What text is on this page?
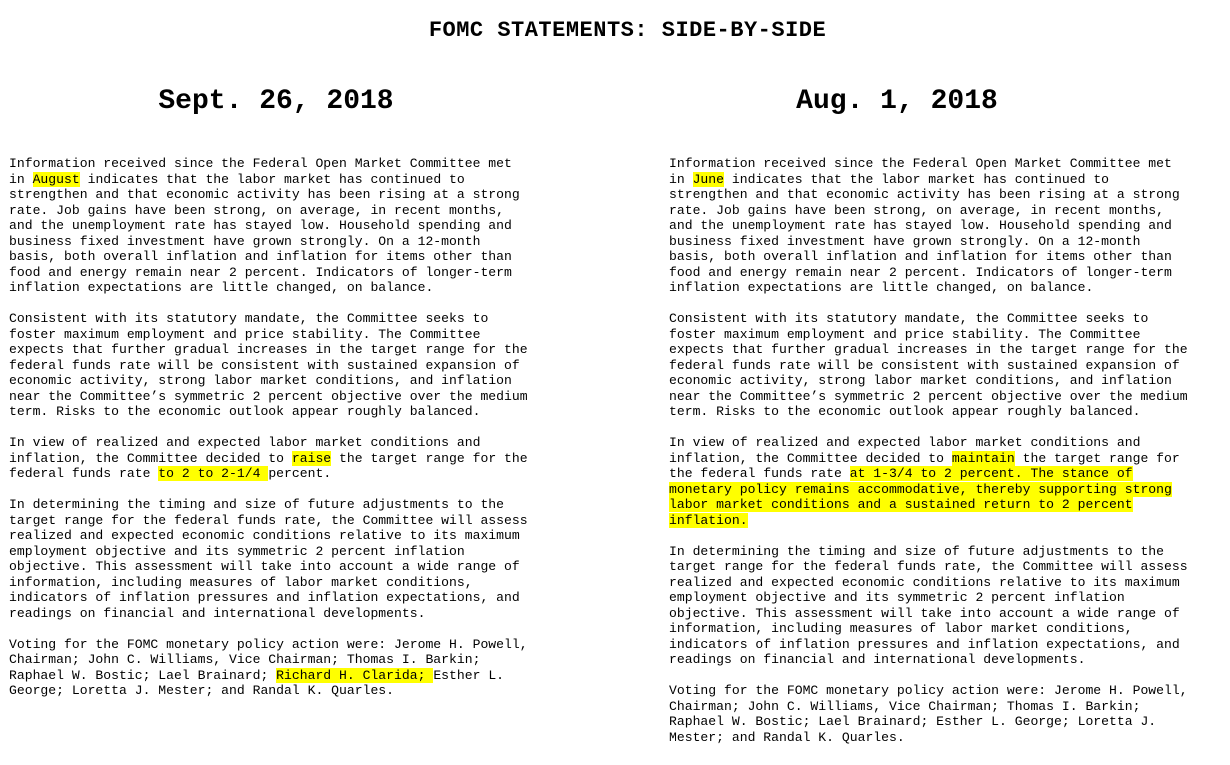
FOMC STATEMENTS: SIDE-BY-SIDE
Sept. 26, 2018

Information received since the Federal Open Market Committee met
in August indicates that the labor market has continued to
strengthen and that economic activity has been rising at a strong
rate. Job gains have been strong, on average, in recent months,
and the unemployment rate has stayed low. Household spending and
business fixed investment have grown strongly. On a 12-month
basis, both overall inflation and inflation for items other than
food and energy remain near 2 percent. Indicators of longer-term
inflation expectations are little changed, on balance.

Consistent with its statutory mandate, the Committee seeks to
foster maximum employment and price stability. The Committee
expects that further gradual increases in the target range for the
federal funds rate will be consistent with sustained expansion of
economic activity, strong labor market conditions, and inflation
near the Committee’s symmetric 2 percent objective over the medium
term. Risks to the economic outlook appear roughly balanced.

In view of realized and expected labor market conditions and
inflation, the Committee decided to raise the target range for the
federal funds rate to 2 to 2-1/4 percent.

In determining the timing and size of future adjustments to the
target range for the federal funds rate, the Committee will assess
realized and expected economic conditions relative to its maximum
employment objective and its symmetric 2 percent inflation
objective. This assessment will take into account a wide range of
information, including measures of labor market conditions,
indicators of inflation pressures and inflation expectations, and
readings on financial and international developments.

Voting for the FOMC monetary policy action were: Jerome H. Powell,
Chairman; John C. Williams, Vice Chairman; Thomas I. Barkin;
Raphael W. Bostic; Lael Brainard; Richard H. Clarida; Esther L.
George; Loretta J. Mester; and Randal K. Quarles.

Aug. 1, 2018

Information received since the Federal Open Market Committee met
in June indicates that the labor market has continued to
strengthen and that economic activity has been rising at a strong
rate. Job gains have been strong, on average, in recent months,
and the unemployment rate has stayed low. Household spending and
business fixed investment have grown strongly. On a 12-month
basis, both overall inflation and inflation for items other than
food and energy remain near 2 percent. Indicators of longer-term
inflation expectations are little changed, on balance.

Consistent with its statutory mandate, the Committee seeks to
foster maximum employment and price stability. The Committee
expects that further gradual increases in the target range for the
federal funds rate will be consistent with sustained expansion of
economic activity, strong labor market conditions, and inflation
near the Committee’s symmetric 2 percent objective over the medium
term. Risks to the economic outlook appear roughly balanced.

In view of realized and expected labor market conditions and
inflation, the Committee decided to maintain the target range for
the federal funds rate at 1-3/4 to 2 percent. The stance of
monetary policy remains accommodative, thereby supporting strong
labor market conditions and a sustained return to 2 percent
inflation.

In determining the timing and size of future adjustments to the
target range for the federal funds rate, the Committee will assess
realized and expected economic conditions relative to its maximum
employment objective and its symmetric 2 percent inflation
objective. This assessment will take into account a wide range of
information, including measures of labor market conditions,
indicators of inflation pressures and inflation expectations, and
readings on financial and international developments.

Voting for the FOMC monetary policy action were: Jerome H. Powell,
Chairman; John C. Williams, Vice Chairman; Thomas I. Barkin;
Raphael W. Bostic; Lael Brainard; Esther L. George; Loretta J.
Mester; and Randal K. Quarles.
